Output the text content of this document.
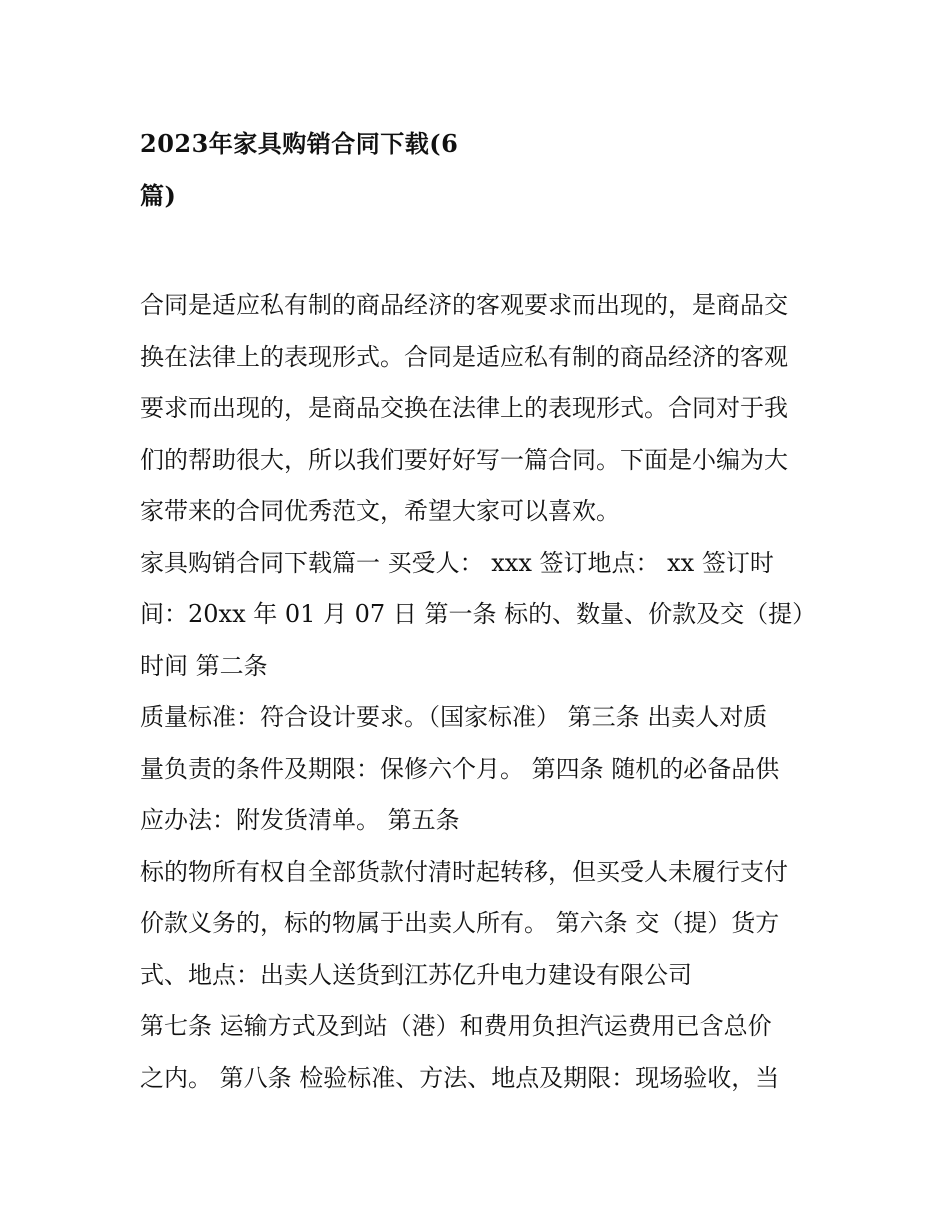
2023年家具购销合同下载(6
篇)
合同是适应私有制的商品经济的客观要求而出现的，是商品交
换在法律上的表现形式。合同是适应私有制的商品经济的客观
要求而出现的，是商品交换在法律上的表现形式。合同对于我
们的帮助很大，所以我们要好好写一篇合同。下面是小编为大
家带来的合同优秀范文，希望大家可以喜欢。
家具购销合同下载篇一 买受人： xxx 签订地点： xx 签订时
间：20xx 年 01 月 07 日 第一条 标的、数量、价款及交（提）
时间 第二条
质量标准：符合设计要求。（国家标准） 第三条 出卖人对质
量负责的条件及期限：保修六个月。 第四条 随机的必备品供
应办法：附发货清单。 第五条
标的物所有权自全部货款付清时起转移，但买受人未履行支付
价款义务的，标的物属于出卖人所有。 第六条 交（提）货方
式、地点：出卖人送货到江苏亿升电力建设有限公司
第七条 运输方式及到站（港）和费用负担汽运费用已含总价
之内。 第八条 检验标准、方法、地点及期限：现场验收，当
